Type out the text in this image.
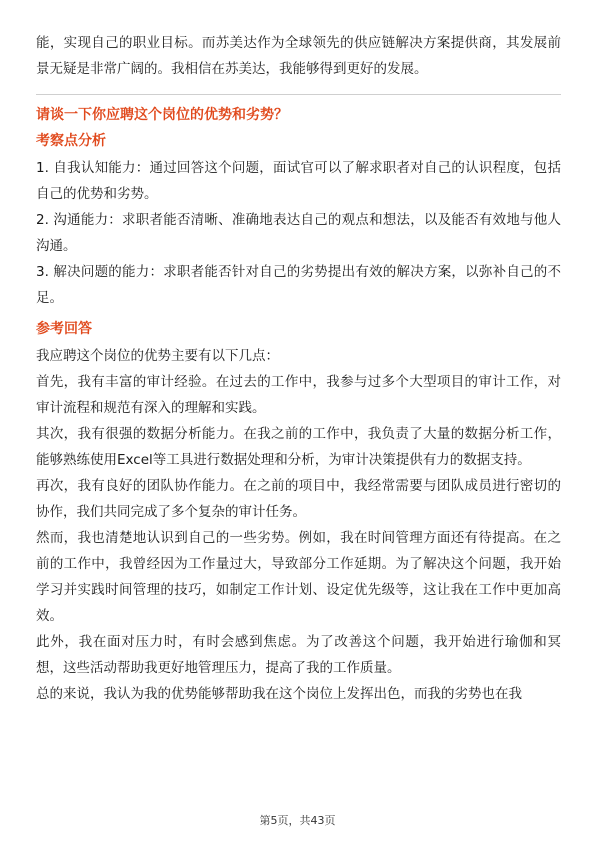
能，实现自己的职业目标。而苏美达作为全球领先的供应链解决方案提供商，其发展前景无疑是非常广阔的。我相信在苏美达，我能够得到更好的发展。

请谈一下你应聘这个岗位的优势和劣势？

考察点分析

1. 自我认知能力：通过回答这个问题，面试官可以了解求职者对自己的认识程度，包括自己的优势和劣势。

2. 沟通能力：求职者能否清晰、准确地表达自己的观点和想法，以及能否有效地与他人沟通。

3. 解决问题的能力：求职者能否针对自己的劣势提出有效的解决方案，以弥补自己的不足。

参考回答

我应聘这个岗位的优势主要有以下几点：

首先，我有丰富的审计经验。在过去的工作中，我参与过多个大型项目的审计工作，对审计流程和规范有深入的理解和实践。

其次，我有很强的数据分析能力。在我之前的工作中，我负责了大量的数据分析工作，能够熟练使用Excel等工具进行数据处理和分析，为审计决策提供有力的数据支持。

再次，我有良好的团队协作能力。在之前的项目中，我经常需要与团队成员进行密切的协作，我们共同完成了多个复杂的审计任务。

然而，我也清楚地认识到自己的一些劣势。例如，我在时间管理方面还有待提高。在之前的工作中，我曾经因为工作量过大，导致部分工作延期。为了解决这个问题，我开始学习并实践时间管理的技巧，如制定工作计划、设定优先级等，这让我在工作中更加高效。

此外，我在面对压力时，有时会感到焦虑。为了改善这个问题，我开始进行瑜伽和冥想，这些活动帮助我更好地管理压力，提高了我的工作质量。

总的来说，我认为我的优势能够帮助我在这个岗位上发挥出色，而我的劣势也在我

第5页，共43页
